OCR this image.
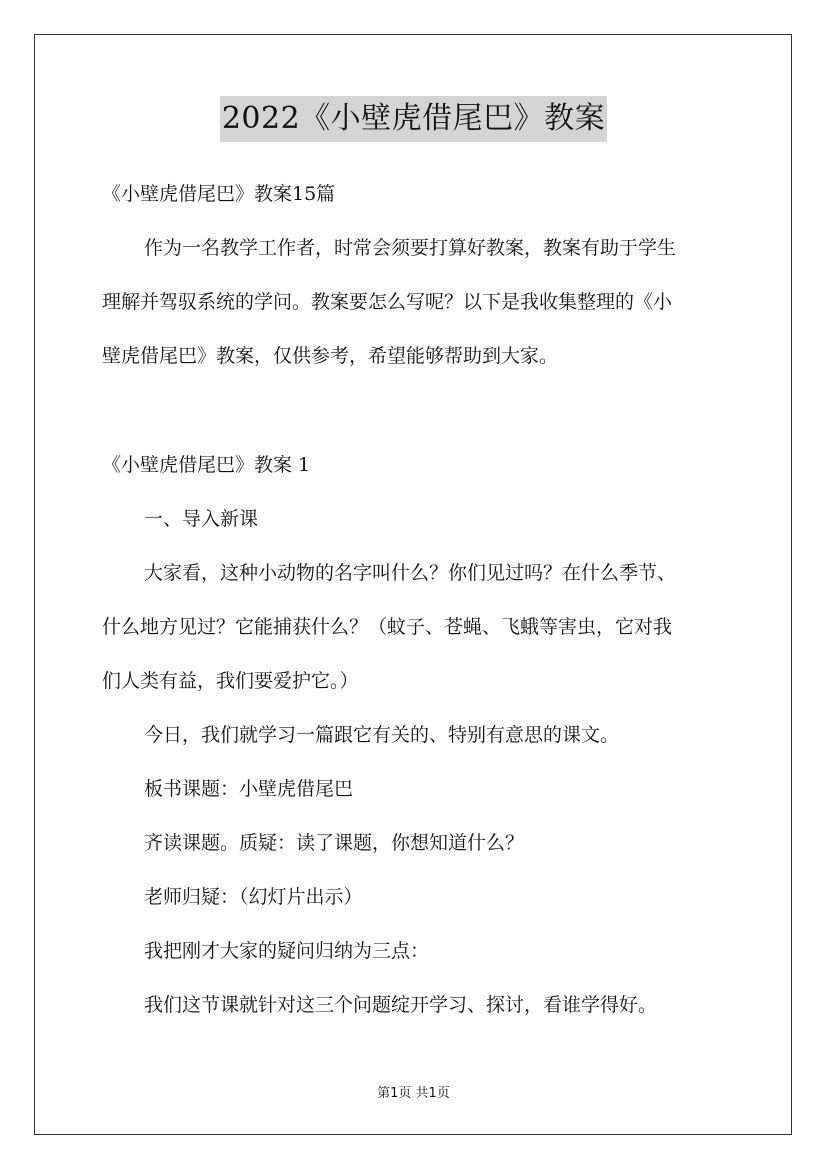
2022《小壁虎借尾巴》教案
《小壁虎借尾巴》教案15篇
作为一名教学工作者，时常会须要打算好教案，教案有助于学生
理解并驾驭系统的学问。教案要怎么写呢？以下是我收集整理的《小
壁虎借尾巴》教案，仅供参考，希望能够帮助到大家。
《小壁虎借尾巴》教案 1
一、导入新课
大家看，这种小动物的名字叫什么？你们见过吗？在什么季节、
什么地方见过？它能捕获什么？（蚊子、苍蝇、飞蛾等害虫，它对我
们人类有益，我们要爱护它。）
今日，我们就学习一篇跟它有关的、特别有意思的课文。
板书课题：小壁虎借尾巴
齐读课题。质疑：读了课题，你想知道什么？
老师归疑：（幻灯片出示）
我把刚才大家的疑问归纳为三点：
我们这节课就针对这三个问题绽开学习、探讨，看谁学得好。
第1页 共1页
